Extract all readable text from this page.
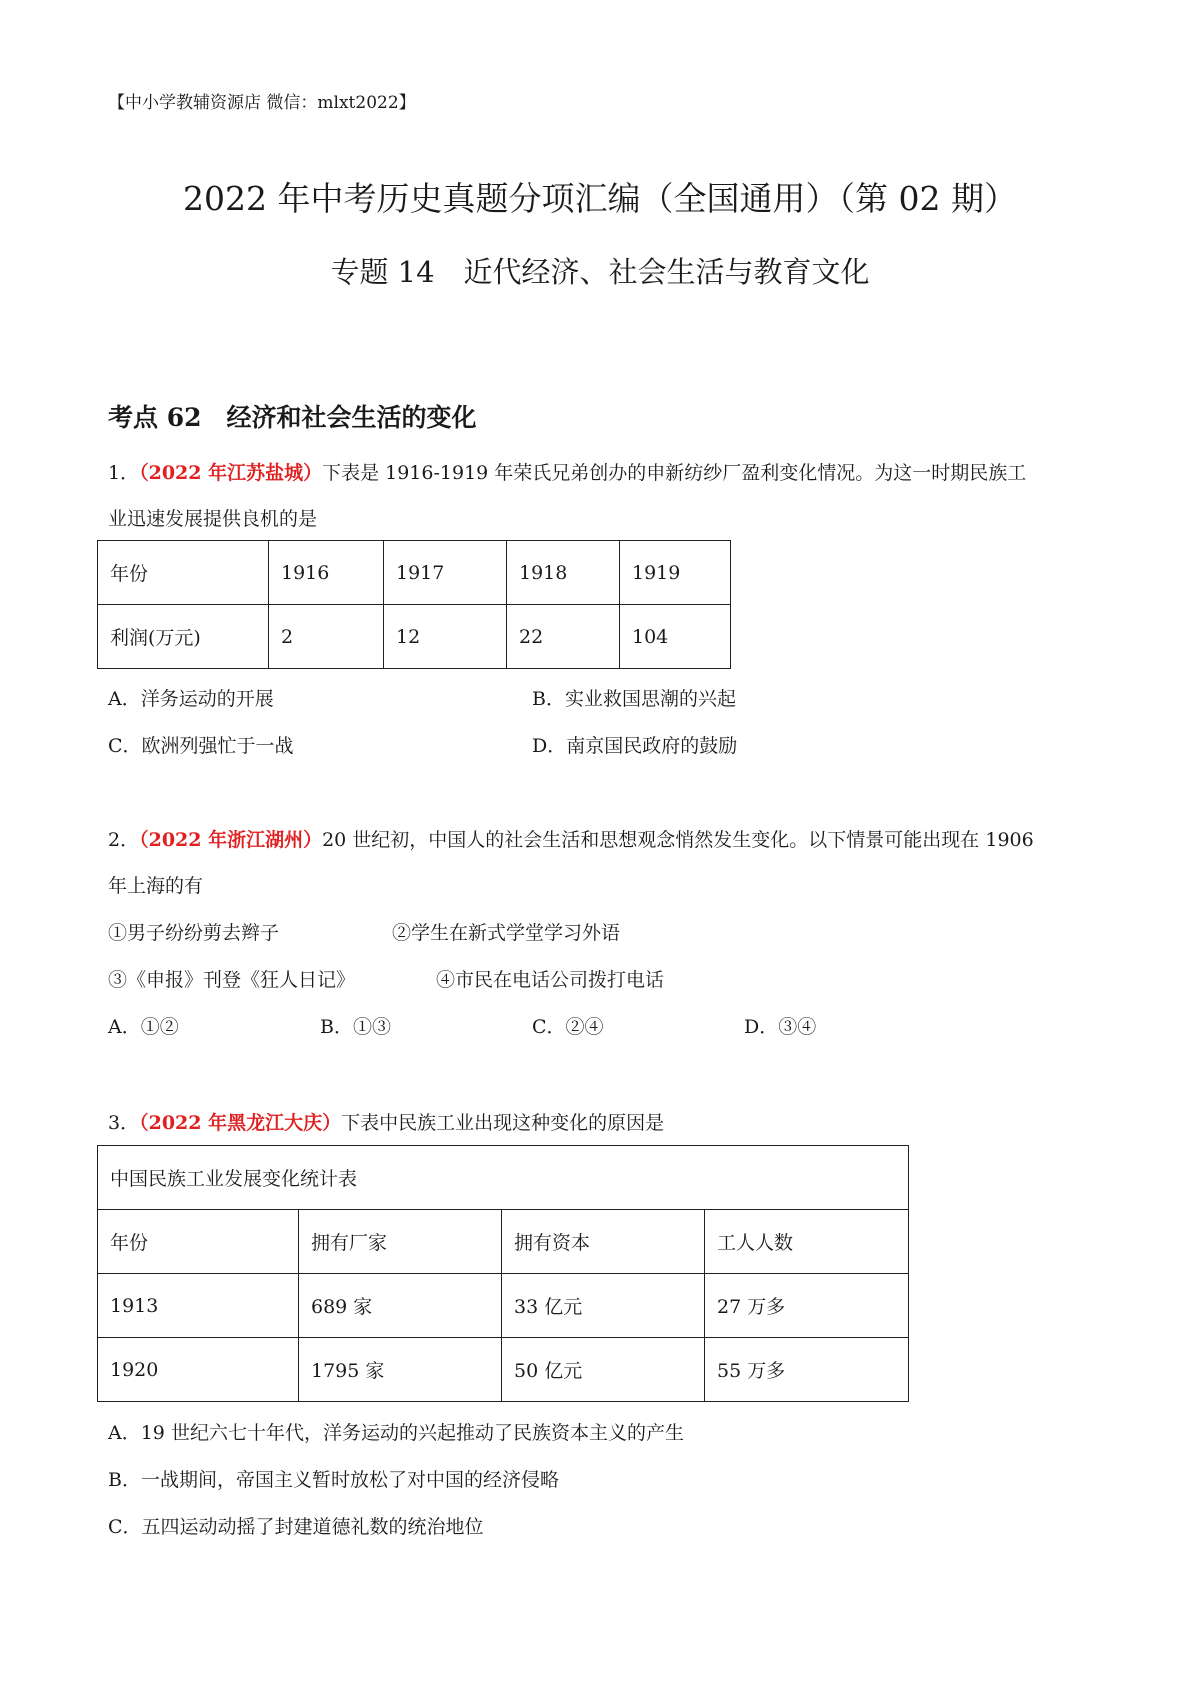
【中小学教辅资源店 微信：mlxt2022】
2022 年中考历史真题分项汇编（全国通用）（第 02 期）
专题 14　近代经济、社会生活与教育文化
考点 62　经济和社会生活的变化
1．（2022 年江苏盐城）下表是 1916-1919 年荣氏兄弟创办的申新纺纱厂盈利变化情况。为这一时期民族工
业迅速发展提供良机的是
年份	1916	1917	1918	1919
利润(万元)	2	12	22	104
A．洋务运动的开展	B．实业救国思潮的兴起
C．欧洲列强忙于一战	D．南京国民政府的鼓励
2．（2022 年浙江湖州）20 世纪初，中国人的社会生活和思想观念悄然发生变化。以下情景可能出现在 1906
年上海的有
①男子纷纷剪去辫子	②学生在新式学堂学习外语
③《申报》刊登《狂人日记》	④市民在电话公司拨打电话
A．①②	B．①③	C．②④	D．③④
3．（2022 年黑龙江大庆）下表中民族工业出现这种变化的原因是
中国民族工业发展变化统计表			
年份	拥有厂家	拥有资本	工人人数
1913	689 家	33 亿元	27 万多
1920	1795 家	50 亿元	55 万多
A．19 世纪六七十年代，洋务运动的兴起推动了民族资本主义的产生
B．一战期间，帝国主义暂时放松了对中国的经济侵略
C．五四运动动摇了封建道德礼数的统治地位
